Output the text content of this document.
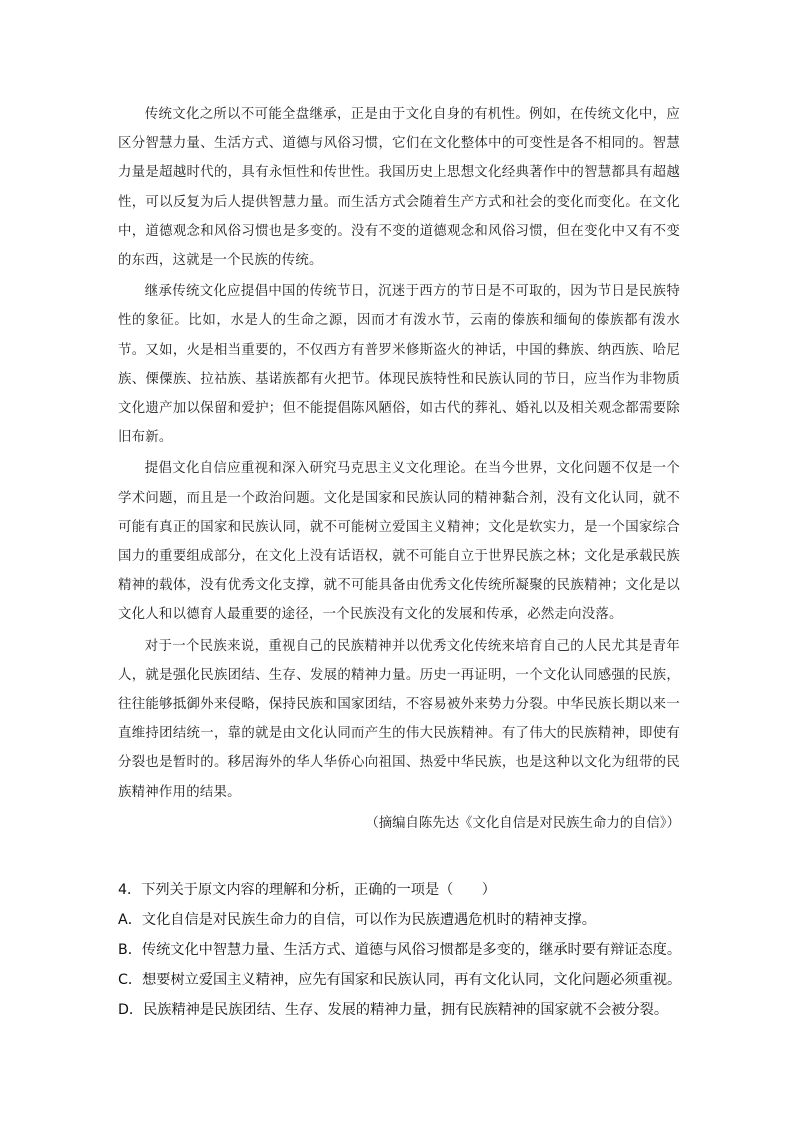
传统文化之所以不可能全盘继承，正是由于文化自身的有机性。例如，在传统文化中，应区分智慧力量、生活方式、道德与风俗习惯，它们在文化整体中的可变性是各不相同的。智慧力量是超越时代的，具有永恒性和传世性。我国历史上思想文化经典著作中的智慧都具有超越性，可以反复为后人提供智慧力量。而生活方式会随着生产方式和社会的变化而变化。在文化中，道德观念和风俗习惯也是多变的。没有不变的道德观念和风俗习惯，但在变化中又有不变的东西，这就是一个民族的传统。

继承传统文化应提倡中国的传统节日，沉迷于西方的节日是不可取的，因为节日是民族特性的象征。比如，水是人的生命之源，因而才有泼水节，云南的傣族和缅甸的傣族都有泼水节。又如，火是相当重要的，不仅西方有普罗米修斯盗火的神话，中国的彝族、纳西族、哈尼族、傈僳族、拉祜族、基诺族都有火把节。体现民族特性和民族认同的节日，应当作为非物质文化遗产加以保留和爱护；但不能提倡陈风陋俗，如古代的葬礼、婚礼以及相关观念都需要除旧布新。

提倡文化自信应重视和深入研究马克思主义文化理论。在当今世界，文化问题不仅是一个学术问题，而且是一个政治问题。文化是国家和民族认同的精神黏合剂，没有文化认同，就不可能有真正的国家和民族认同，就不可能树立爱国主义精神；文化是软实力，是一个国家综合国力的重要组成部分，在文化上没有话语权，就不可能自立于世界民族之林；文化是承载民族精神的载体，没有优秀文化支撑，就不可能具备由优秀文化传统所凝聚的民族精神；文化是以文化人和以德育人最重要的途径，一个民族没有文化的发展和传承，必然走向没落。

对于一个民族来说，重视自己的民族精神并以优秀文化传统来培育自己的人民尤其是青年人，就是强化民族团结、生存、发展的精神力量。历史一再证明，一个文化认同感强的民族，往往能够抵御外来侵略，保持民族和国家团结，不容易被外来势力分裂。中华民族长期以来一直维持团结统一，靠的就是由文化认同而产生的伟大民族精神。有了伟大的民族精神，即使有分裂也是暂时的。移居海外的华人华侨心向祖国、热爱中华民族，也是这种以文化为纽带的民族精神作用的结果。

（摘编自陈先达《文化自信是对民族生命力的自信》）
4．下列关于原文内容的理解和分析，正确的一项是（　　）
A．文化自信是对民族生命力的自信，可以作为民族遭遇危机时的精神支撑。
B．传统文化中智慧力量、生活方式、道德与风俗习惯都是多变的，继承时要有辩证态度。
C．想要树立爱国主义精神，应先有国家和民族认同，再有文化认同，文化问题必须重视。
D．民族精神是民族团结、生存、发展的精神力量，拥有民族精神的国家就不会被分裂。
